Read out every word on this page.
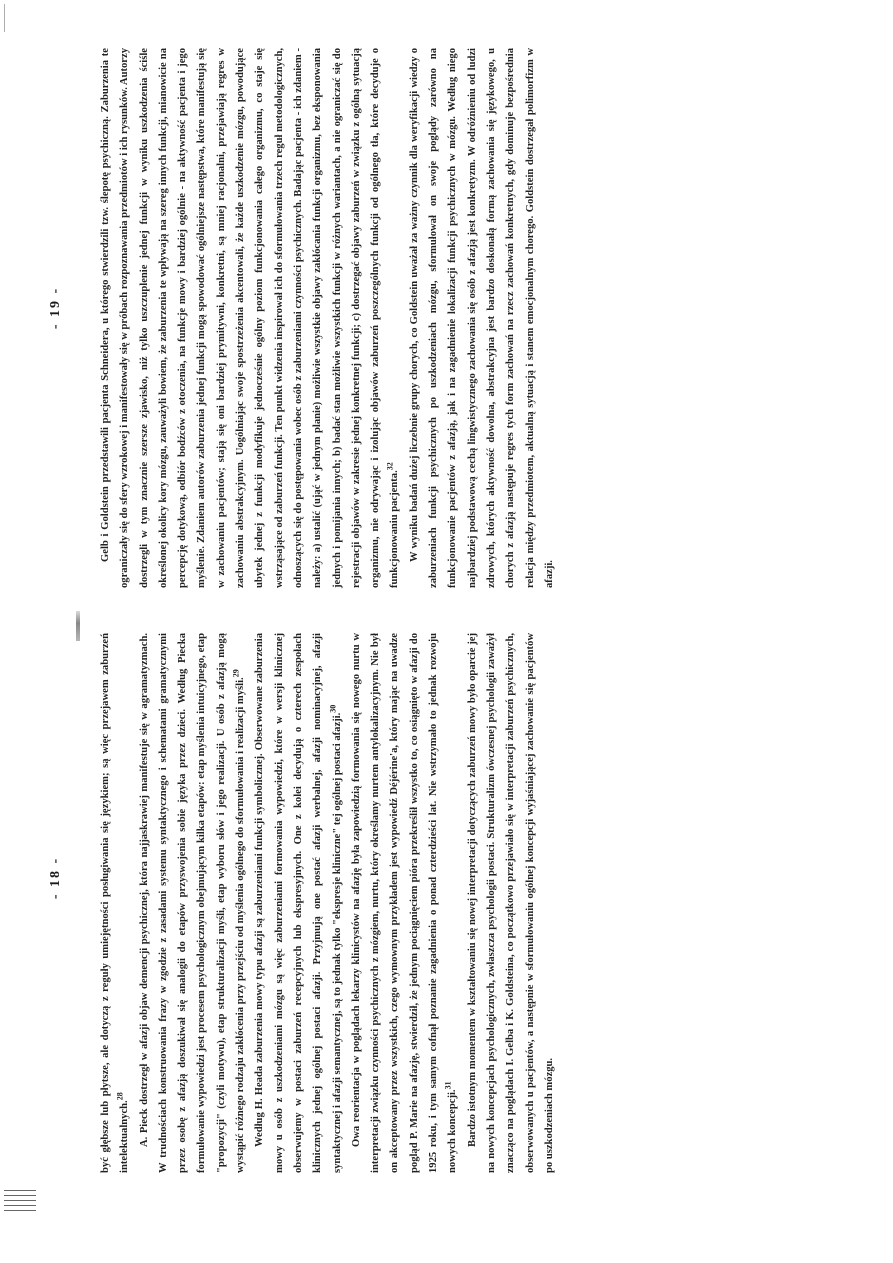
- 18 -
- 19 -

być głębsze lub płytsze, ale dotyczą z reguły umiejętności posługiwania się językiem; są więc przejawem zaburzeń intelektualnych.$^{28}$	A. Pieck dostrzegł w afazji objaw demencji psychicznej, która najjaskrawiej manifestuje się w agramatyzmach. W trudnościach konstruowania frazy w zgodzie z zasadami systemu syntaktycznego i schematami gramatycznymi przez osobę z afazją doszukiwał się analogii do etapów przyswojenia sobie języka przez dzieci. Według Piecka formułowanie wypowiedzi jest procesem psychologicznym obejmującym kilka etapów: etap myślenia intuicyjnego, etap "propozycji" (czyli motywu), etap strukturalizacji myśli, etap wyboru słów i jego realizacji. U osób z afazją mogą wystąpić różnego rodzaju zakłócenia przy przejściu od myślenia ogólnego do sformułowania i realizacji myśli.$^{29}$	Według H. Heada zaburzenia mowy typu afazji są zaburzeniami funkcji symbolicznej. Obserwowane zaburzenia mowy u osób z uszkodzeniami mózgu są więc zaburzeniami formowania wypowiedzi, które w wersji klinicznej obserwujemy w postaci zaburzeń recepcyjnych lub ekspresyjnych. One z kolei decydują o czterech zespołach klinicznych jednej ogólnej postaci afazji. Przyjmują one postać afazji werbalnej, afazji nominacyjnej, afazji syntaktycznej i afazji semantycznej, są to jednak tylko "ekspresje kliniczne" tej ogólnej postaci afazji.$^{30}$	Owa reorientacja w poglądach lekarzy klinicystów na afazję była zapowiedzią formowania się nowego nurtu w interpretacji związku czynności psychicznych z mózgiem, nurtu, który określamy nurtem antylokalizacyjnym. Nie był on akceptowany przez wszystkich, czego wymownym przykładem jest wypowiedź Déjérine'a, który mając na uwadze pogląd P. Marie na afazję, stwierdził, że jednym pociągnięciem pióra przekreślił wszystko to, co osiągnięto w afazji do 1925 roku, i tym samym cofnął poznanie zagadnienia o ponad czterdzieści lat. Nie wstrzymało to jednak rozwoju nowych koncepcji.$^{31}$	Bardzo istotnym momentem w kształtowaniu się nowej interpretacji dotyczących zaburzeń mowy było oparcie jej na nowych koncepcjach psychologicznych, zwłaszcza psychologii postaci. Strukturalizm ówczesnej psychologii zaważył znacząco na poglądach I. Gelba i K. Goldsteina, co początkowo przejawiało się w interpretacji zaburzeń psychicznych, obserwowanych u pacjentów, a następnie w sformułowaniu ogólnej koncepcji wyjaśniającej zachowanie się pacjentów po uszkodzeniach mózgu.

Gelb i Goldstein przedstawili pacjenta Schneidera, u którego stwierdzili tzw. ślepotę psychiczną. Zaburzenia te ograniczały się do sfery wzrokowej i manifestowały się w próbach rozpoznawania przedmiotów i ich rysunków. Autorzy dostrzegli w tym znacznie szersze zjawisko, niż tylko uszczuplenie jednej funkcji w wyniku uszkodzenia ściśle określonej okolicy kory mózgu, zauważyli bowiem, że zaburzenia te wpływają na szereg innych funkcji, mianowicie na percepcję dotykową, odbiór bodźców z otoczenia, na funkcje mowy i bardziej ogólnie - na aktywność pacjenta i jego myślenie. Zdaniem autorów zaburzenia jednej funkcji mogą spowodować ogólniejsze następstwa, które manifestują się w zachowaniu pacjentów; stają się oni bardziej prymitywni, konkretni, są mniej racjonalni, przejawiają regres w zachowaniu abstrakcyjnym. Uogólniając swoje spostrzeżenia akcentowali, że każde uszkodzenie mózgu, powodujące ubytek jednej z funkcji modyfikuje jednocześnie ogólny poziom funkcjonowania całego organizmu, co staje się wstrząsające od zaburzeń funkcji. Ten punkt widzenia inspirował ich do sformułowania trzech reguł metodologicznych, odnoszących się do postępowania wobec osób z zaburzeniami czynności psychicznych. Badając pacjenta - ich zdaniem - należy: a) ustalić (ująć w jednym planie) możliwie wszystkie objawy zakłócania funkcji organizmu, bez eksponowania jednych i pomijania innych; b) badać stan możliwie wszystkich funkcji w różnych wariantach, a nie ograniczać się do rejestracji objawów w zakresie jednej konkretnej funkcji; c) dostrzegać objawy zaburzeń w związku z ogólną sytuacją organizmu, nie odrywając i izolując objawów zaburzeń poszczególnych funkcji od ogólnego tła, które decyduje o funkcjonowaniu pacjenta.$^{32}$	W wyniku badań dużej liczebnie grupy chorych, co Goldstein uważał za ważny czynnik dla weryfikacji wiedzy o zaburzeniach funkcji psychicznych po uszkodzeniach mózgu, sformułował on swoje poglądy zarówno na funkcjonowanie pacjentów z afazją, jak i na zagadnienie lokalizacji funkcji psychicznych w mózgu. Według niego najbardziej podstawową cechą lingwistycznego zachowania się osób z afazją jest konkretyzm. W odróżnieniu od ludzi zdrowych, których aktywność dowolna, abstrakcyjna jest bardzo doskonałą formą zachowania się językowego, u chorych z afazją następuje regres tych form zachowań na rzecz zachowań konkretnych, gdy dominuje bezpośrednia relacja między przedmiotem, aktualną sytuacją i stanem emocjonalnym chorego. Goldstein dostrzegał polimorfizm w afazji.
